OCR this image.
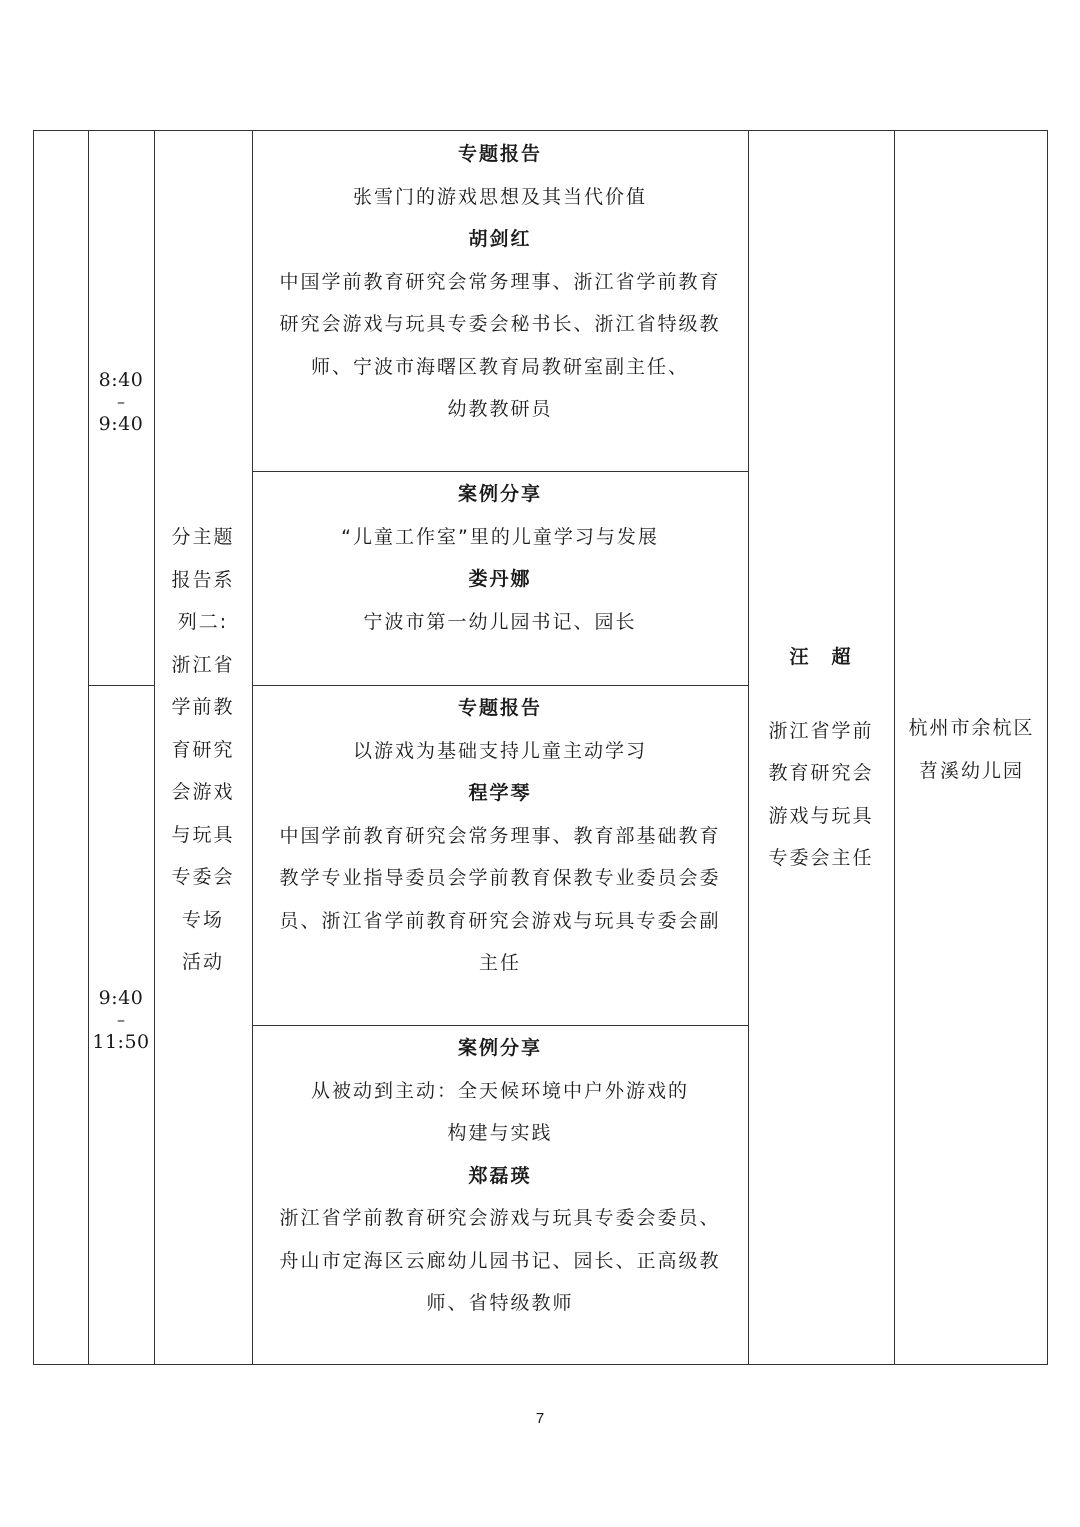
8:40
–
9:40
9:40
–
11:50
分主题
报告系
列二:
浙江省
学前教
育研究
会游戏
与玩具
专委会
专场
活动
专题报告
张雪门的游戏思想及其当代价值
胡剑红
中国学前教育研究会常务理事、浙江省学前教育
研究会游戏与玩具专委会秘书长、浙江省特级教
师、宁波市海曙区教育局教研室副主任、
幼教教研员
案例分享
“儿童工作室”里的儿童学习与发展
娄丹娜
宁波市第一幼儿园书记、园长
专题报告
以游戏为基础支持儿童主动学习
程学琴
中国学前教育研究会常务理事、教育部基础教育
教学专业指导委员会学前教育保教专业委员会委
员、浙江省学前教育研究会游戏与玩具专委会副
主任
案例分享
从被动到主动：全天候环境中户外游戏的
构建与实践
郑磊瑛
浙江省学前教育研究会游戏与玩具专委会委员、
舟山市定海区云廊幼儿园书记、园长、正高级教
师、省特级教师
汪　超
浙江省学前
教育研究会
游戏与玩具
专委会主任
杭州市余杭区
苕溪幼儿园
7
